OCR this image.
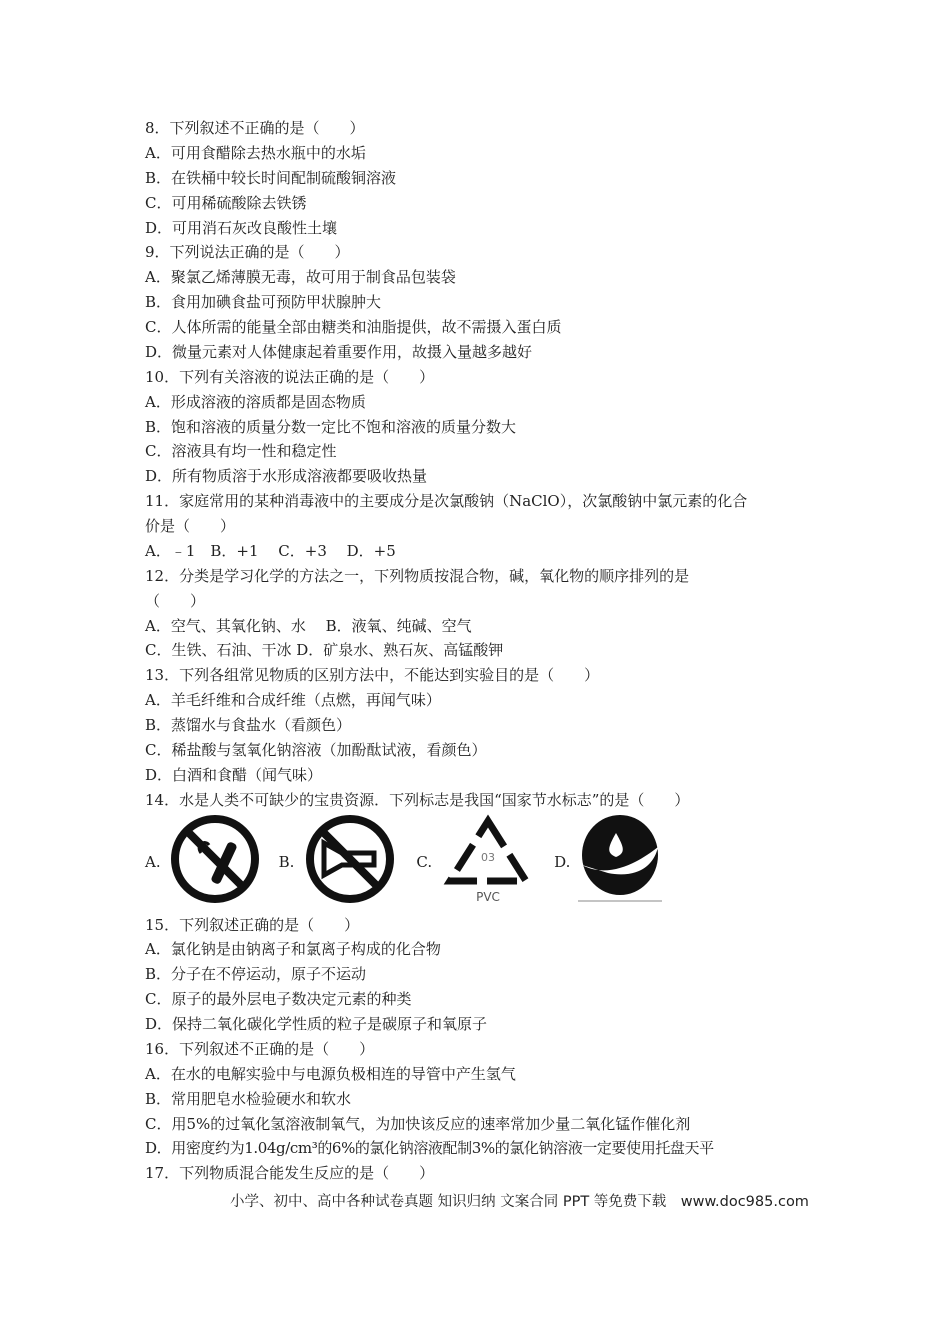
8．下列叙述不正确的是（　　）
A．可用食醋除去热水瓶中的水垢
B．在铁桶中较长时间配制硫酸铜溶液
C．可用稀硫酸除去铁锈
D．可用消石灰改良酸性土壤
9．下列说法正确的是（　　）
A．聚氯乙烯薄膜无毒，故可用于制食品包装袋
B．食用加碘食盐可预防甲状腺肿大
C．人体所需的能量全部由糖类和油脂提供，故不需摄入蛋白质
D．微量元素对人体健康起着重要作用，故摄入量越多越好
10．下列有关溶液的说法正确的是（　　）
A．形成溶液的溶质都是固态物质
B．饱和溶液的质量分数一定比不饱和溶液的质量分数大
C．溶液具有均一性和稳定性
D．所有物质溶于水形成溶液都要吸收热量
11．家庭常用的某种消毒液中的主要成分是次氯酸钠（NaClO），次氯酸钠中氯元素的化合
价是（　　）
A．﹣1　B．+1　 C．+3　 D．+5
12．分类是学习化学的方法之一，下列物质按混合物，碱，氧化物的顺序排列的是
（　　）
A．空气、其氧化钠、水　 B．液氧、纯碱、空气
C．生铁、石油、干冰 D．矿泉水、熟石灰、高锰酸钾
13．下列各组常见物质的区别方法中，不能达到实验目的是（　　）
A．羊毛纤维和合成纤维（点燃，再闻气味）
B．蒸馏水与食盐水（看颜色）
C．稀盐酸与氢氧化钠溶液（加酚酞试液，看颜色）
D．白酒和食醋（闻气味）
14．水是人类不可缺少的宝贵资源．下列标志是我国“国家节水标志”的是（　　）
A.	B.	C.	03
PVC
D.
15．下列叙述正确的是（　　）
A．氯化钠是由钠离子和氯离子构成的化合物
B．分子在不停运动，原子不运动
C．原子的最外层电子数决定元素的种类
D．保持二氧化碳化学性质的粒子是碳原子和氧原子
16．下列叙述不正确的是（　　）
A．在水的电解实验中与电源负极相连的导管中产生氢气
B．常用肥皂水检验硬水和软水
C．用5%的过氧化氢溶液制氧气，为加快该反应的速率常加少量二氧化锰作催化剂
D．用密度约为1.04g/cm³的6%的氯化钠溶液配制3%的氯化钠溶液一定要使用托盘天平
17．下列物质混合能发生反应的是（　　）
小学、初中、高中各种试卷真题 知识归纳 文案合同 PPT 等免费下载　www.doc985.com
